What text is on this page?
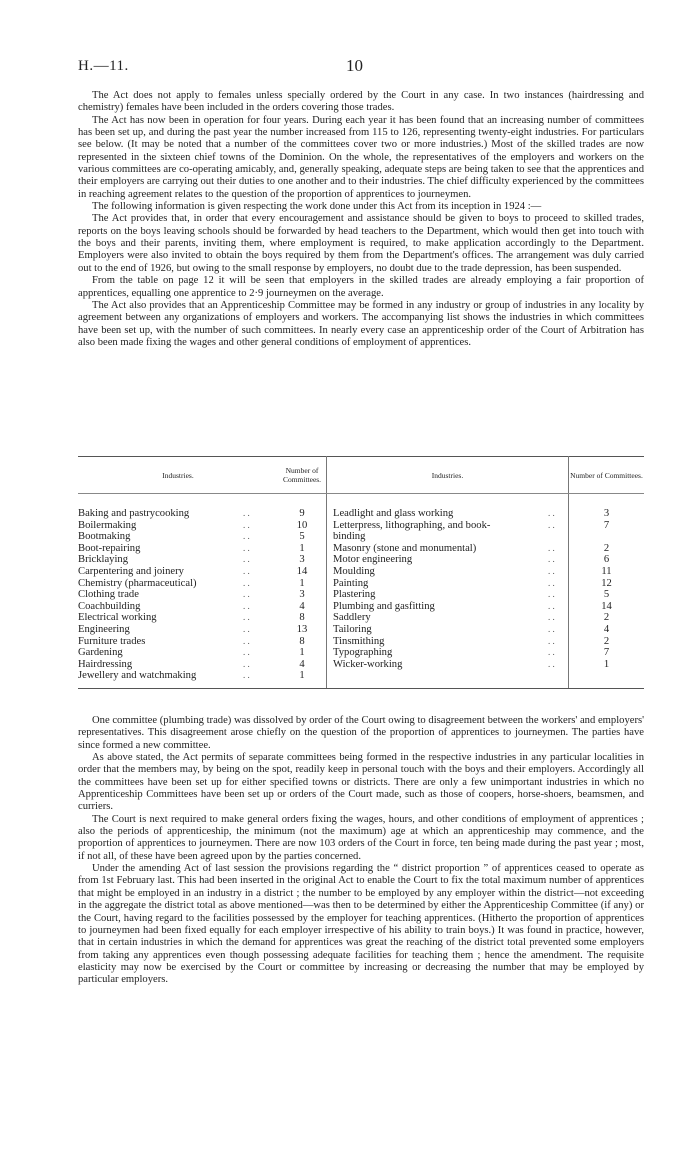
H.—11.	10

The Act does not apply to females unless specially ordered by the Court in any case. In two instances (hairdressing and chemistry) females have been included in the orders covering those trades.

The Act has now been in operation for four years. During each year it has been found that an increasing number of committees has been set up, and during the past year the number increased from 115 to 126, representing twenty-eight industries. For particulars see below. (It may be noted that a number of the committees cover two or more industries.) Most of the skilled trades are now represented in the sixteen chief towns of the Dominion. On the whole, the representatives of the employers and workers on the various committees are co-operating amicably, and, generally speaking, adequate steps are being taken to see that the apprentices and their employers are carrying out their duties to one another and to their industries. The chief difficulty experienced by the committees in reaching agreement relates to the question of the proportion of apprentices to journeymen.

The following information is given respecting the work done under this Act from its inception in 1924 :—

The Act provides that, in order that every encouragement and assistance should be given to boys to proceed to skilled trades, reports on the boys leaving schools should be forwarded by head teachers to the Department, which would then get into touch with the boys and their parents, inviting them, where employment is required, to make application accordingly to the Department. Employers were also invited to obtain the boys required by them from the Department's offices. The arrangement was duly carried out to the end of 1926, but owing to the small response by employers, no doubt due to the trade depression, has been suspended.

From the table on page 12 it will be seen that employers in the skilled trades are already employing a fair proportion of apprentices, equalling one apprentice to 2·9 journeymen on the average.

The Act also provides that an Apprenticeship Committee may be formed in any industry or group of industries in any locality by agreement between any organizations of employers and workers. The accompanying list shows the industries in which committees have been set up, with the number of such committees. In nearly every case an apprenticeship order of the Court of Arbitration has also been made fixing the wages and other general conditions of employment of apprentices.

Industries.		Number of Committees.	Industries.		Number of Committees.

Baking and pastrycooking	. .	9	Leadlight and glass working	. .	3
Boilermaking	. .	10	Letterpress, lithographing, and book-	. .	7
Bootmaking	. .	5	binding		
Boot-repairing	. .	1	Masonry (stone and monumental)	. .	2
Bricklaying	. .	3	Motor engineering	. .	6
Carpentering and joinery	. .	14	Moulding	. .	11
Chemistry (pharmaceutical)	. .	1	Painting	. .	12
Clothing trade	. .	3	Plastering	. .	5
Coachbuilding	. .	4	Plumbing and gasfitting	. .	14
Electrical working	. .	8	Saddlery	. .	2
Engineering	. .	13	Tailoring	. .	4
Furniture trades	. .	8	Tinsmithing	. .	2
Gardening	. .	1	Typographing	. .	7
Hairdressing	. .	4	Wicker-working	. .	1
Jewellery and watchmaking	. .	1			

One committee (plumbing trade) was dissolved by order of the Court owing to disagreement between the workers' and employers' representatives. This disagreement arose chiefly on the question of the proportion of apprentices to journeymen. The parties have since formed a new committee.

As above stated, the Act permits of separate committees being formed in the respective industries in any particular localities in order that the members may, by being on the spot, readily keep in personal touch with the boys and their employers. Accordingly all the committees have been set up for either specified towns or districts. There are only a few unimportant industries in which no Apprenticeship Committees have been set up or orders of the Court made, such as those of coopers, horse-shoers, beamsmen, and curriers.

The Court is next required to make general orders fixing the wages, hours, and other conditions of employment of apprentices ; also the periods of apprenticeship, the minimum (not the maximum) age at which an apprenticeship may commence, and the proportion of apprentices to journeymen. There are now 103 orders of the Court in force, ten being made during the past year ; most, if not all, of these have been agreed upon by the parties concerned.

Under the amending Act of last session the provisions regarding the “ district proportion ” of apprentices ceased to operate as from 1st February last. This had been inserted in the original Act to enable the Court to fix the total maximum number of apprentices that might be employed in an industry in a district ; the number to be employed by any employer within the district—not exceeding in the aggregate the district total as above mentioned—was then to be determined by either the Apprenticeship Committee (if any) or the Court, having regard to the facilities possessed by the employer for teaching apprentices. (Hitherto the proportion of apprentices to journeymen had been fixed equally for each employer irrespective of his ability to train boys.) It was found in practice, however, that in certain industries in which the demand for apprentices was great the reaching of the district total prevented some employers from taking any apprentices even though possessing adequate facilities for teaching them ; hence the amendment. The requisite elasticity may now be exercised by the Court or committee by increasing or decreasing the number that may be employed by particular employers.
